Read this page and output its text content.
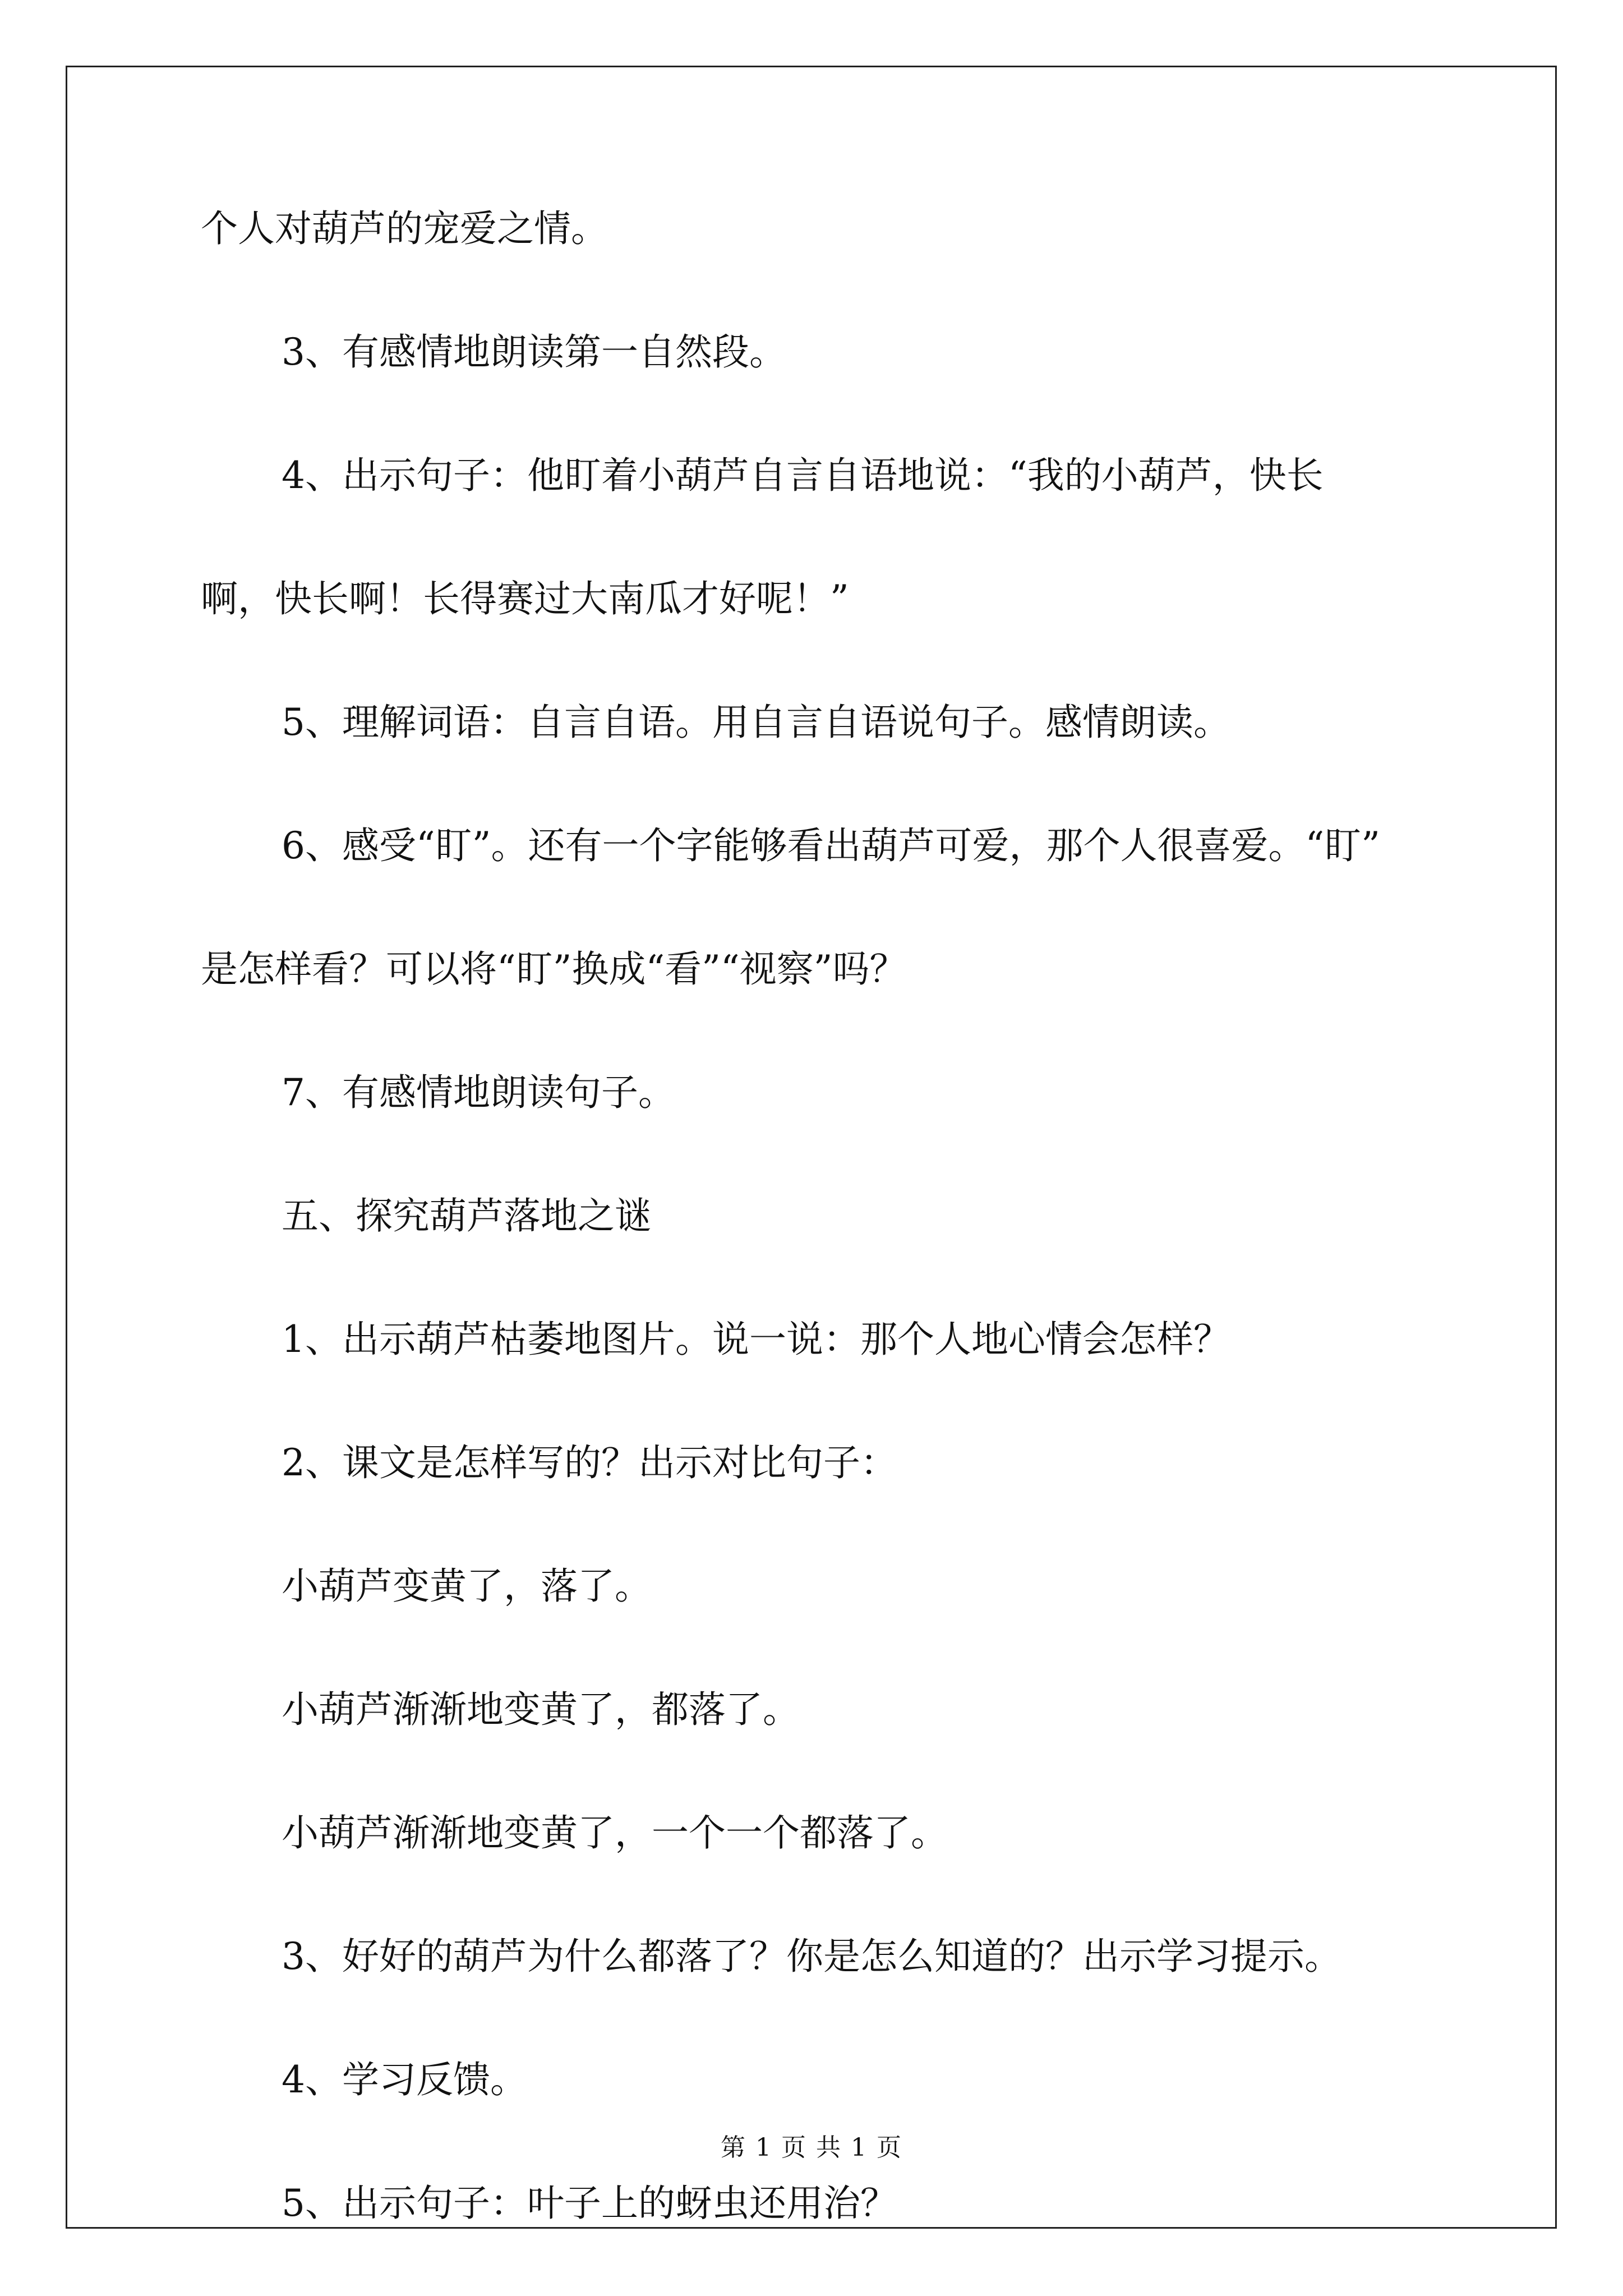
个人对葫芦的宠爱之情。

3、有感情地朗读第一自然段。

4、出示句子：他盯着小葫芦自言自语地说：“我的小葫芦，快长

啊，快长啊！长得赛过大南瓜才好呢！”

5、理解词语：自言自语。用自言自语说句子。感情朗读。

6、感受“盯”。还有一个字能够看出葫芦可爱，那个人很喜爱。“盯”

是怎样看？可以将“盯”换成“看”“视察”吗？

7、有感情地朗读句子。

五、探究葫芦落地之谜

1、出示葫芦枯萎地图片。说一说：那个人地心情会怎样？

2、课文是怎样写的？出示对比句子：

小葫芦变黄了，落了。

小葫芦渐渐地变黄了，都落了。

小葫芦渐渐地变黄了，一个一个都落了。

3、好好的葫芦为什么都落了？你是怎么知道的？出示学习提示。

4、学习反馈。

5、出示句子：叶子上的蚜虫还用治？

第 1 页 共 1 页
